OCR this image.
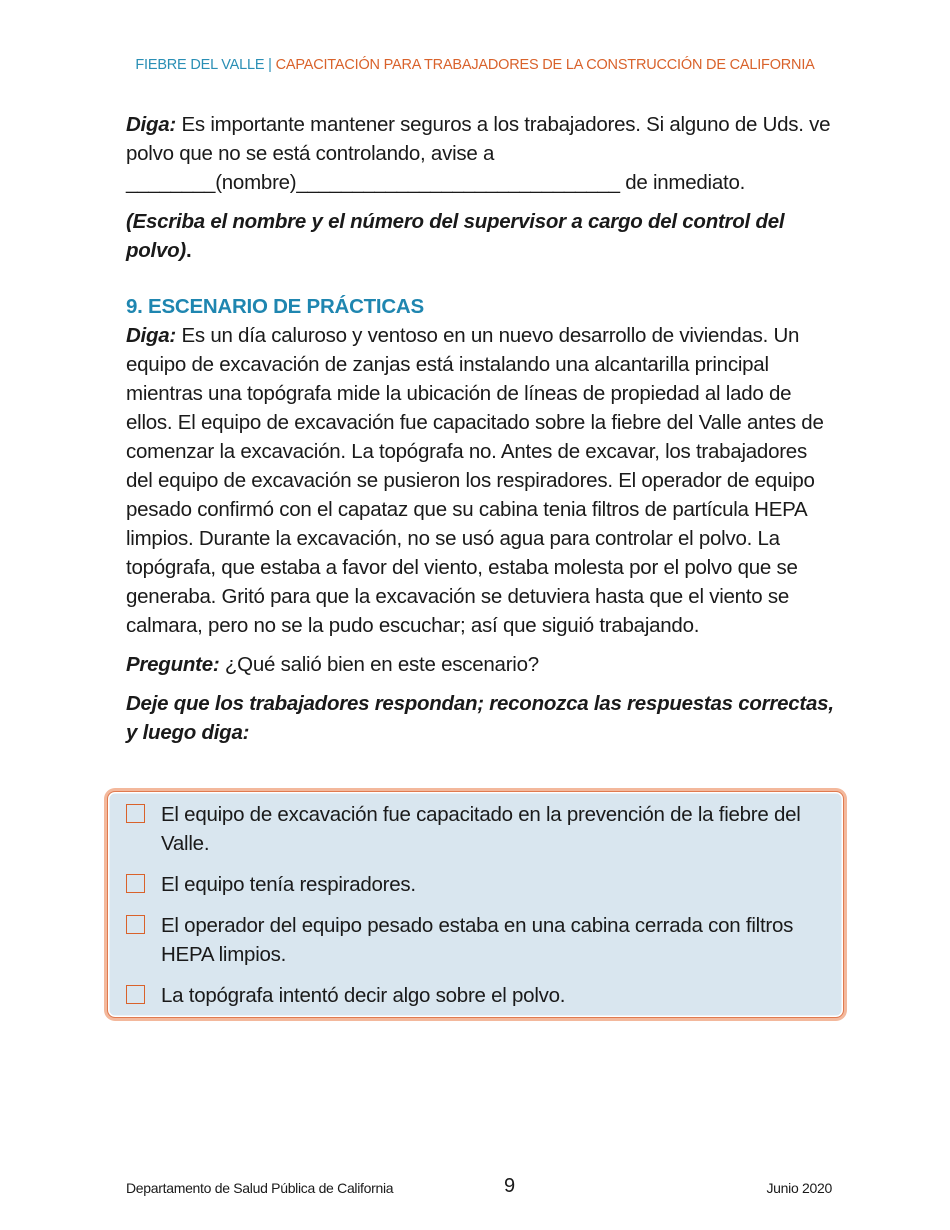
FIEBRE DEL VALLE | CAPACITACIÓN PARA TRABAJADORES DE LA CONSTRUCCIÓN DE CALIFORNIA

Diga: Es importante mantener seguros a los trabajadores. Si alguno de Uds. ve polvo que no se está controlando, avise a
________(nombre)_____________________________ de inmediato.

(Escriba el nombre y el número del supervisor a cargo del control del polvo).

9. ESCENARIO DE PRÁCTICAS

Diga: Es un día caluroso y ventoso en un nuevo desarrollo de viviendas. Un equipo de excavación de zanjas está instalando una alcantarilla principal mientras una topógrafa mide la ubicación de líneas de propiedad al lado de ellos. El equipo de excavación fue capacitado sobre la fiebre del Valle antes de comenzar la excavación. La topógrafa no. Antes de excavar, los trabajadores del equipo de excavación se pusieron los respiradores. El operador de equipo pesado confirmó con el capataz que su cabina tenia filtros de partícula HEPA limpios. Durante la excavación, no se usó agua para controlar el polvo. La topógrafa, que estaba a favor del viento, estaba molesta por el polvo que se generaba. Gritó para que la excavación se detuviera hasta que el viento se calmara, pero no se la pudo escuchar; así que siguió trabajando.

Pregunte: ¿Qué salió bien en este escenario?

Deje que los trabajadores respondan; reconozca las respuestas correctas, y luego diga:

El equipo de excavación fue capacitado en la prevención de la fiebre del Valle.
El equipo tenía respiradores.
El operador del equipo pesado estaba en una cabina cerrada con filtros HEPA limpios.
La topógrafa intentó decir algo sobre el polvo.
Departamento de Salud Pública de California	9	Junio 2020
